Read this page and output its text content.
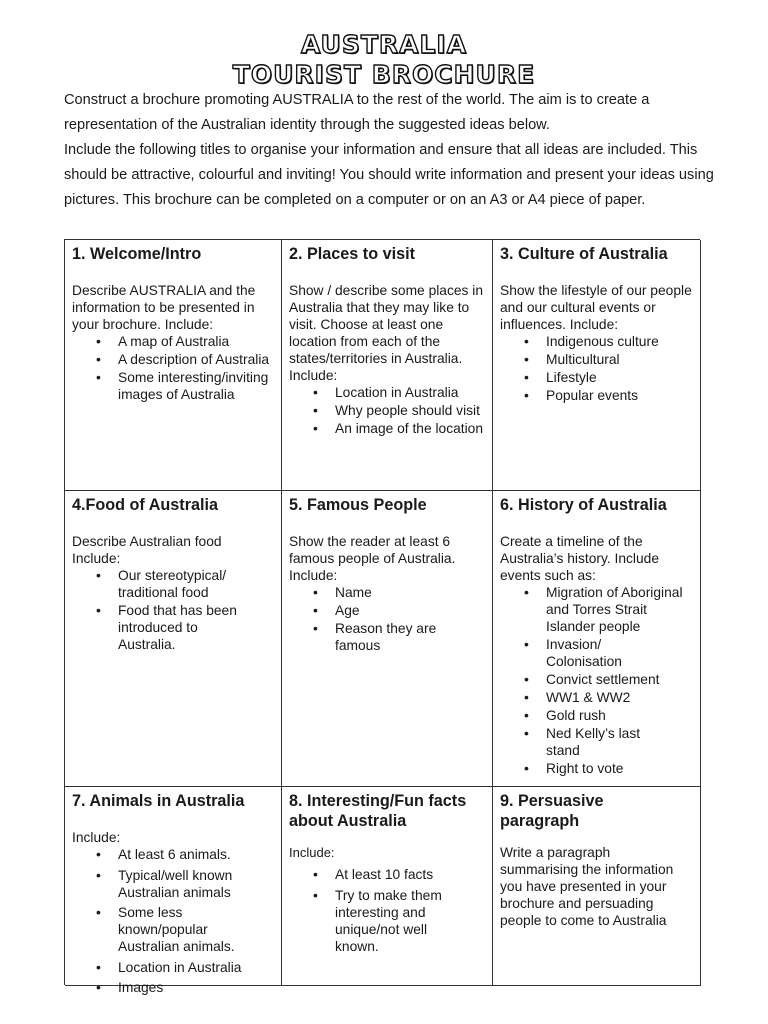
AUSTRALIA
TOURIST BROCHURE

Construct a brochure promoting AUSTRALIA to the rest of the world. The aim is to create a representation of the Australian identity through the suggested ideas below.

Include the following titles to organise your information and ensure that all ideas are included. This should be attractive, colourful and inviting! You should write information and present your ideas using pictures. This brochure can be completed on a computer or on an A3 or A4 piece of paper.

1. Welcome/Intro

Describe AUSTRALIA and the information to be presented in your brochure. Include:

• A map of Australia
• A description of Australia
• Some interesting/inviting images of Australia
2. Places to visit

Show / describe some places in Australia that they may like to visit. Choose at least one location from each of the states/territories in Australia. Include:

• Location in Australia
• Why people should visit
• An image of the location
3. Culture of Australia

Show the lifestyle of our people and our cultural events or influences. Include:

• Indigenous culture
• Multicultural
• Lifestyle
• Popular events
4.Food of Australia

Describe Australian food Include:

• Our stereotypical/ traditional food
• Food that has been introduced to Australia.
5. Famous People

Show the reader at least 6 famous people of Australia. Include:

• Name
• Age
• Reason they are famous
6. History of Australia

Create a timeline of the Australia’s history. Include events such as:

• Migration of Aboriginal and Torres Strait Islander people
• Invasion/ Colonisation
• Convict settlement
• WW1 & WW2
• Gold rush
• Ned Kelly’s last stand
• Right to vote
7. Animals in Australia

Include:

• At least 6 animals.
• Typical/well known Australian animals
• Some less known/popular Australian animals.
• Location in Australia
• Images
8. Interesting/Fun facts about Australia

Include:

• At least 10 facts
• Try to make them interesting and unique/not well known.
9. Persuasive paragraph

Write a paragraph summarising the information you have presented in your brochure and persuading people to come to Australia
